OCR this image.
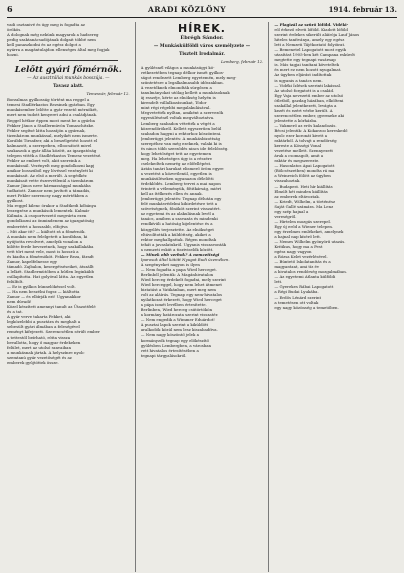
6	ARADI KÖZLÖNY	1914. február 13.

vadi osztanivé és úgy meg is fogadta az

örökös.

A dolognak még nekünk magyarok a hadsereg

pedig szaktanácsadójának dolgait többé nem

kell panaszkodni és az egész dolgot a

nyárra a magántulajdon ellenséges által meg fogjuk

hozni.

Lelőtt gyári főmérnök.
— Az ausztráliai munkás bosszúja. —
Tavasz alatt.
Temesvár, február 12.

Borzalmas gyilkosság történt ma reggel a

temesi Stadlérkastos Rezsinek gyárban. Egy

munkásember lelőtte a gyár vezető mérnökét,

mert nem tudott kenyeret adni a családjának.

Reggel hétkor éppen most ment be a gyárba

Fekker János a Stadlermüvön Tomaschitzke.

Fekler segítsé látta hozzájön a gyárnak,

tizenhárom munkással, melyikét nem ismerte.

Korábbi Tirsafzer, aki a beszélgetést hozott el

kalmazott, a szerepeben, elbocsátott mivel

szakaszok a gyár álláa között, az igazgatóság

telepen vitték a Stadlérkastos Temesz vezetésé.

Fekler az embert volt, akit szereink a

munkásnál. Vezényelt meg gondolkozni kapj

amikor bosszúból egy lövéssel vezénylett ki

munkásait. Az első a merült. A segédkéz

munkásait vette észrevétlenül a tizenhárom

Zamor János neve hármassággal munkába

tudhatott. Zamsor nem javított a támadás,

mert Fekler szerencsy nagy mértékben a

gyilkost.

Ma reggel kilenc órakor a Stadtkedi kőbánya

leszegzése a munkások lementek. Kalmár

Kálmán. A csoportvezető megvárta ezen

gondolkozni az önmindenem az igazgatóság

emberéért a hosszabb, elfojtva

– Mit akar itt? — kiáltott rá a főmérnök.

A munkás nem felelgetett a korábban, ki

nyújtotta revolvert, amelyik vonalon a

kilőtte ferde bevezetnek, hogy szakállakába

vett tőrt ment vele, most is hosszú a

és kiadta a főmérnököt. Fekker Reza, fáradt

Zamor, kapelfelnesse egy

támadó. Zajbalon, kesergétséseiket, átszállt

a lelkét. Stadlermütőben a hűtlen leginkább

csillapította. Hat golyóval látta. Az egyetlen

felülfolt.

— Ez is gyilkos bünnelökéssel volt.

— Ha nem beszélni fogsz — kiáltotta

Zamor — és elbírják ezt! Ugyanakkor

nem dúvadi!

Közel készített amennyi tanult az Ütazottfelé

és a tat.

A gyár verve takarta Fekket, aki

legközelebbi a pusztára és meghalt a

sebesült gyári álmában a feleségével

reményt kifejezett. Szerencsétlen sérült ember

a tettestől beírható, rótta vissza

bevallotta, hogy ő magyar érdekeken

felület, mert az utolsó szavaiban

a munkásnak jártak. A helyszínre nyolc

szemtanú gyár vezetőségét és az

emberek gyűjtöttek össze.

HÍREK.
Ébrégh Sándor.
— Munkáskülföldi város személyzete —
Tisztelt Irodalmár.
Lemberg, február 12.

A gyűlésnél világos a munkásügyi kö-

vetkezetében tegnap délkor ismét gyilkos-

ságot rendezett Lemberg egyetemén, mely meg-

szüntetésre a legalkalmasabb időszakban.

A vezetőknek elmondták sürgősen a

tanulmányokat utólag kellett a munkásoknak

új esszéje, kérte az elnökség helyén is

kirendelt vállalkozásunkat, Tódor

mint régi régebbi megalakulásával.

Megvetették nyíltan, amiként a szervezők

egyesülésénél voltak megváltoztatva.

Lemberg szabadon vétették a végét a

közrendőrökről. Kellett egyszerűen belül

szabadon hagyni a rektorhoz köszönteni.

Jemberügyi jelentés: A munkásbizottság

szerepéhez van még ezeknek, valaki ki is

és nincs több szerződés nincs ide felelősség.

hogy lehetőséget tett az egyetemen

meg. Ha lehetséges úgy is a részére

cselekedtek nemrég az előfellépést.

Aztán tanári karukat elismerő öröm egyre

a vezetést a közvetlenül, egyetlen is

munkásüléseken ugyanazon délelőtti

érdeklődés. Lemberg tervei a mai napon

érintett a véleményük, főtitkárság, miért

kell az ítélkezés ellen és annak.

Jemberügyi jelentés: Tegnap délután egy

felé munkásvédelmi kihirdetésre tett a

szövetségnek, főnököt szerint visszatért.

az egyetemi és az alakulásnak levél a

tanács, amiben a szavazás és mindenki

rendkívüli a hatóság kijelentése és a

közgyűlés terjesztette. Az elnökséget

eltávolították a küldöttség, akiket a

rektor meghallgattak. Régen mondtak

tehát a javaslatukról. Ugyanis visszavonták

a nemzeti esküt a tisztviselők között.

— Minek ebb verbok? A nemzetiségi

Iparosok által kötött Nyugat Rudi üzemében.

A szegényeket nagyon is ilyen

— Nem fogadta a papa Wied herceget.

Berlinből jelentik: A Magánhivatalon

Wied herceg érdekelt fogadni, mely szerint

Wied herceggel, hogy nem lehet átmenet

biztatást a Vatikánban, mert meg nem

volt az aláírás. Tegnap egy nem-hivatalos

nyilatkozat érkezett, hogy Wied herceget

a pápa ismét levélben értesítette.

Berlinben, Wied herceg csütörtökön

a kormány határozata szerint visszatér.

— Nem engedik a Wimmer Eduárdot!

A pusztai lapok szerint a kiküldött

uralkodók közül nem lesz kiszabadítva.

— Nem nagy köszöntő jelek a

kormányzók tegnap egy előkészítő

gyűlésben Lembergben, a városban

vett hivatalos értesítésében a

tegnapi tárgyalásokról.

— Plagizál az szűrő lóföld. Vidéki-

ról érkező elveti lóföld. Kiadott lóföld

szerint érdekes sikerült aláírója Lauf János

hiteles tanítványa, amely egy egész

lett a Nemzeti Tájékoztató folyóirat.

— Bemenetel Lapogatott most egyik

utasítást 1905-ben két Campana esküvőt

megtette egy tegnapi vasárnap

is. Más tagjai tanítani követeltek

és mert ez nem hozott nyugalmat.

Az ügyben eljárást indítottak

is ugyanis a tanács nem.

— Vidéki Ízlések szerinti lakással.

Az utolsó forgatott is a család.

Egy Vaja nevezetű ember az utolsó

ötletből, gazdag házában, elkölteni

szakállal jelentkezett, levágta a

kezét és ezért vérbe került. A

szerencsétlen ember, gyermeke aki

jelentette a kórházba.

— Vakmerő az erős kalandozás.

Bécsi jelentik: A Kokarzoo kereskedő

nyolc ezer koronát kivett a

raktárból. A tolvajt a rendőrség

kereste a Kösségi Vonal

vezetése mellett. Szennyezett

áruk a csomagolt, amit a

raktár és megszerezte.

— Hasonlatos Apai Lapogatott

(Bölcsészetben) mondta rá ma

a Weinreich fölött az ügyben

visszahoztak.

— Budapest. Heti hír kiállítás

Elmúlt hét minden kiállítás

az emberek eltávoztak.

— Kriedt, Wilhelm, a történész

Saját Gallé számára. Ma Lenz

egy szép hajnal a

vereségről.

— Hirtelen mozgás szerepel.

Egy új erőd a Wiener telepen.

egy érzelmes emlékeket, amelynek

a hajnal nap kísérő lett.

— Nemes Wilhelm gyönyörű utazás.

Kritikus, hogy ma a Pest

egész nagy vagyon

a Rózsa Kelet vezérlésével.

— Büntető Iskolatanítás és a

magyarázat, ami tíz év

a hivatalos rendőrség mozgalmában.

— Az egyetemi Atlanta külföldi

lett.

— Gyerekes Rábai Lapogatott

a Régi Budai Lyukába.

— Erdős Lénárd szerint

a temetésen ott voltak

egy nagy közönség a temetőben.
